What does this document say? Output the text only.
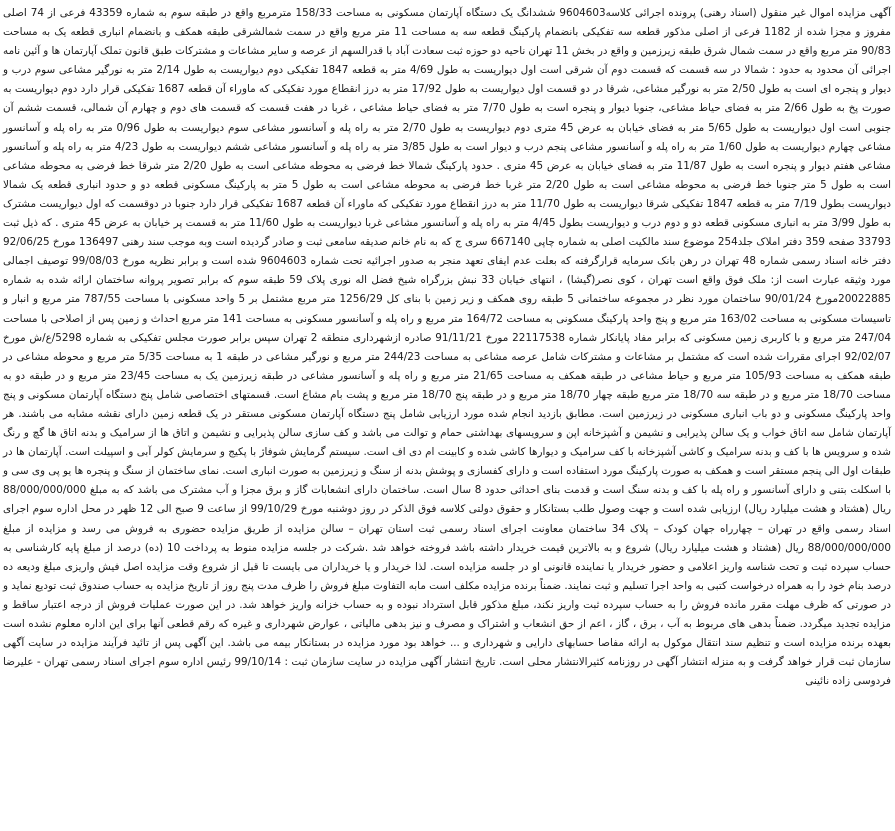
آگهی مزایده اموال غیر منقول (اسناد رهنی) پرونده اجرائی کلاسه9604603 ششدانگ یک دستگاه آپارتمان مسکونی به مساحت 158/33 مترمربع واقع در طبقه سوم به شماره 43359 فرعی از 74 اصلی مفروز و مجزا شده از 1182 فرعی از اصلی مذکور قطعه سه تفکیکی بانضمام پارکینگ قطعه سه به مساحت 11 متر مربع واقع در سمت شمالشرقی طبقه همکف و بانضمام انباری قطعه یک به مساحت 90/83 متر مربع واقع در سمت شمال شرق طبقه زیرزمین و واقع در بخش 11 تهران ناحیه دو حوزه ثبت سعادت آباد با قدرالسهم از عرصه و سایر مشاعات و مشترکات طبق قانون تملک آپارتمان ها و آئین نامه اجرائی آن محدود به حدود : شمالا در سه قسمت که قسمت دوم آن شرقی است اول دیواریست به طول 4/69 متر به قطعه 1847 تفکیکی دوم دیواریست به طول 2/14 متر به نورگیر مشاعی سوم درب و دیوار و پنجره ای است به طول 2/50 متر به نورگیر مشاعی، شرقا در دو قسمت اول دیواریست به طول 17/92 متر به درز انقطاع مورد تفکیکی که ماوراء آن قطعه 1687 تفکیکی قرار دارد دوم دیواریست به صورت پخ به طول 2/66 متر به فضای حیاط مشاعی، جنوبا دیوار و پنجره است به طول 7/70 متر به فضای حیاط مشاعی ، غربا در هفت قسمت که قسمت های دوم و چهارم آن شمالی، قسمت ششم آن جنوبی است اول دیواریست به طول 5/65 متر به فضای خیابان به عرض 45 متری دوم دیواریست به طول 2/70 متر به راه پله و آسانسور مشاعی سوم دیواریست به طول 0/96 متر به راه پله و آسانسور مشاعی چهارم دیواریست به طول 1/60 متر به راه پله و آسانسور مشاعی پنجم درب و دیوار است به طول 3/85 متر به راه پله و آسانسور مشاعی ششم دیواریست به طول 4/23 متر به راه پله و آسانسور مشاعی هفتم دیوار و پنجره است به طول 11/87 متر به فضای خیابان به عرض 45 متری . حدود پارکینگ شمالا خط فرضی به محوطه مشاعی است به طول 2/20 متر شرقا خط فرضی به محوطه مشاعی است به طول 5 متر جنوبا خط فرضی به محوطه مشاعی است به طول 2/20 متر غربا خط فرضی به محوطه مشاعی است به طول 5 متر به پارکینگ مسکونی قطعه دو و حدود انباری قطعه یک شمالا دیواریست بطول 7/19 متر به قطعه 1847 تفکیکی شرقا دیواریست به طول 11/70 متر به درز انقطاع مورد تفکیکی که ماوراء آن قطعه 1687 تفکیکی قرار دارد جنوبا در دوقسمت که اول دیواریست مشترک به طول 3/99 متر به انباری مسکونی قطعه دو و دوم درب و دیواریست بطول 4/45 متر به راه پله و آسانسور مشاعی غربا دیواریست به طول 11/60 متر به قسمت پر خیابان به عرض 45 متری . که ذیل ثبت 33793 صفحه 359 دفتر املاک جلد254 موضوع سند مالکیت اصلی به شماره چاپی 667140 سری ج که به نام خانم صدیقه سامعی ثبت و صادر گردیده است وبه موجب سند رهنی 136497 مورخ 92/06/25 دفتر خانه اسناد رسمی شماره 48 تهران در رهن بانک سرمایه قرارگرفته که بعلت عدم ایفای تعهد منجر به صدور اجرائیه تحت شماره 9604603 شده است و برابر نظریه مورخ 99/08/03 توصیف اجمالی مورد وثیقه عبارت است از: ملک فوق واقع است تهران ، کوی نصر(گیشا) ، انتهای خیابان 33 نبش بزرگراه شیخ فضل اله نوری پلاک 59 طبقه سوم که برابر تصویر پروانه ساختمان ارائه شده به شماره 20022885مورخ 90/01/24 ساختمان مورد نظر در مجموعه ساختمانی 5 طبقه روی همکف و زیر زمین با بنای کل 1256/29 متر مربع مشتمل بر 5 واحد مسکونی با مساحت 787/55 متر مربع و انبار و تاسیسات مسکونی به مساحت 163/02 متر مربع و پنج واحد پارکینگ مسکونی به مساحت 164/72 متر مربع و راه پله و آسانسور مسکونی به مساحت 141 متر مربع احداث و زمین پس از اصلاحی با مساحت 247/04 متر مربع و با کاربری زمین مسکونی که برابر مفاد پایانکار شماره 22117538 مورخ 91/11/21 صادره ازشهرداری منطقه 2 تهران سپس برابر صورت مجلس تفکیکی به شماره 5298/ع/ش مورخ 92/02/07 اجرای مقررات شده است که مشتمل بر مشاعات و مشترکات شامل عرصه مشاعی به مساحت 244/23 متر مربع و نورگیر مشاعی در طبقه 1 به مساحت 5/35 متر مربع و محوطه مشاعی در طبقه همکف به مساحت 105/93 متر مربع و حیاط مشاعی در طبقه همکف به مساحت 21/65 متر مربع و راه پله و آسانسور مشاعی در طبقه زیرزمین یک به مساحت 23/45 متر مربع و در طبقه دو به مساحت 18/70 متر مربع و در طبقه سه 18/70 متر مربع طبقه چهار 18/70 متر مربع و در طبقه پنج 18/70 متر مربع و پشت بام مشاع است. قسمتهای اختصاصی شامل پنج دستگاه آپارتمان مسکونی و پنج واحد پارکینگ مسکونی و دو باب انباری مسکونی در زیرزمین است. مطابق بازدید انجام شده مورد ارزیابی شامل پنج دستگاه آپارتمان مسکونی مستقر در یک قطعه زمین دارای نقشه مشابه می باشند. هر آپارتمان شامل سه اتاق خواب و یک سالن پذیرایی و نشیمن و آشپزخانه اپن و سرویسهای بهداشتی حمام و توالت می باشد و کف سازی سالن پذیرایی و نشیمن و اتاق ها از سرامیک و بدنه اتاق ها گچ و رنگ شده و سرویس ها با کف و بدنه سرامیک و کاشی آشپزخانه با کف سرامیک و دیوارها کاشی شده و کابینت ام دی اف است. سیستم گرمایش شوفاژ با پکیج و سرمایش کولر آبی و اسپیلت است. آپارتمان ها در طبقات اول الی پنجم مستقر است و همکف به صورت پارکینگ مورد استفاده است و دارای کفسازی و پوشش بدنه از سنگ و زیرزمین به صورت انباری است. نمای ساختمان از سنگ و پنجره ها یو پی وی سی و با اسکلت بتنی و دارای آسانسور و راه پله با کف و بدنه سنگ است و قدمت بنای احداثی حدود 8 سال است. ساختمان دارای انشعابات گاز و برق مجزا و آب مشترک می باشد که به مبلغ 88/000/000/000 ریال (هشتاد و هشت میلیارد ریال) ارزیابی شده است و جهت وصول طلب بستانکار و حقوق دولتی کلاسه فوق الذکر در روز دوشنبه مورخ 99/10/29 از ساعت 9 صبح الی 12 ظهر در محل اداره سوم اجرای اسناد رسمی واقع در تهران – چهارراه جهان کودک – پلاک 34 ساختمان معاونت اجرای اسناد رسمی ثبت استان تهران – سالن مزایده از طریق مزایده حضوری به فروش می رسد و مزایده از مبلغ 88/000/000/000 ریال (هشتاد و هشت میلیارد ریال) شروع و به بالاترین قیمت خریدار داشته باشد فروخته خواهد شد .شرکت در جلسه مزایده منوط به پرداخت 10 (ده) درصد از مبلغ پایه کارشناسی به حساب سپرده ثبت و تحت شناسه واریز اعلامی و حضور خریدار یا نماینده قانونی او در جلسه مزایده است. لذا خریدار و یا خریداران می بایست تا قبل از شروع وقت مزایده اصل فیش واریزی مبلغ ودیعه ده درصد بنام خود را به همراه درخواست کتبی به واحد اجرا تسلیم و ثبت نمایند. ضمناً برنده مزایده مکلف است مابه التفاوت مبلغ فروش را ظرف مدت پنج روز از تاریخ مزایده به حساب صندوق ثبت تودیع نماید و در صورتی که ظرف مهلت مقرر مانده فروش را به حساب سپرده ثبت واریز نکند، مبلغ مذکور قابل استرداد نبوده و به حساب خزانه واریز خواهد شد. در این صورت عملیات فروش از درجه اعتبار ساقط و مزایده تجدید میگردد. ضمناً بدهی های مربوط به آب ، برق ، گاز ، اعم از حق انشعاب و اشتراک و مصرف و نیز بدهی مالیاتی ، عوارض شهرداری و غیره که رقم قطعی آنها برای این اداره معلوم نشده است بعهده برنده مزایده است و تنظیم سند انتقال موکول به ارائه مفاصا حسابهای دارایی و شهرداری و ... خواهد بود مورد مزایده در بستانکار بیمه می باشد. این آگهی پس از تائید فرآیند مزایده در سایت آگهی سازمان ثبت قرار خواهد گرفت و به منزله انتشار آگهی در روزنامه کثیرالانتشار محلی است. تاریخ انتشار آگهی مزایده در سایت سازمان ثبت : 99/10/14 رئیس اداره سوم اجرای اسناد رسمی تهران - علیرضا فردوسی زاده نائینی
